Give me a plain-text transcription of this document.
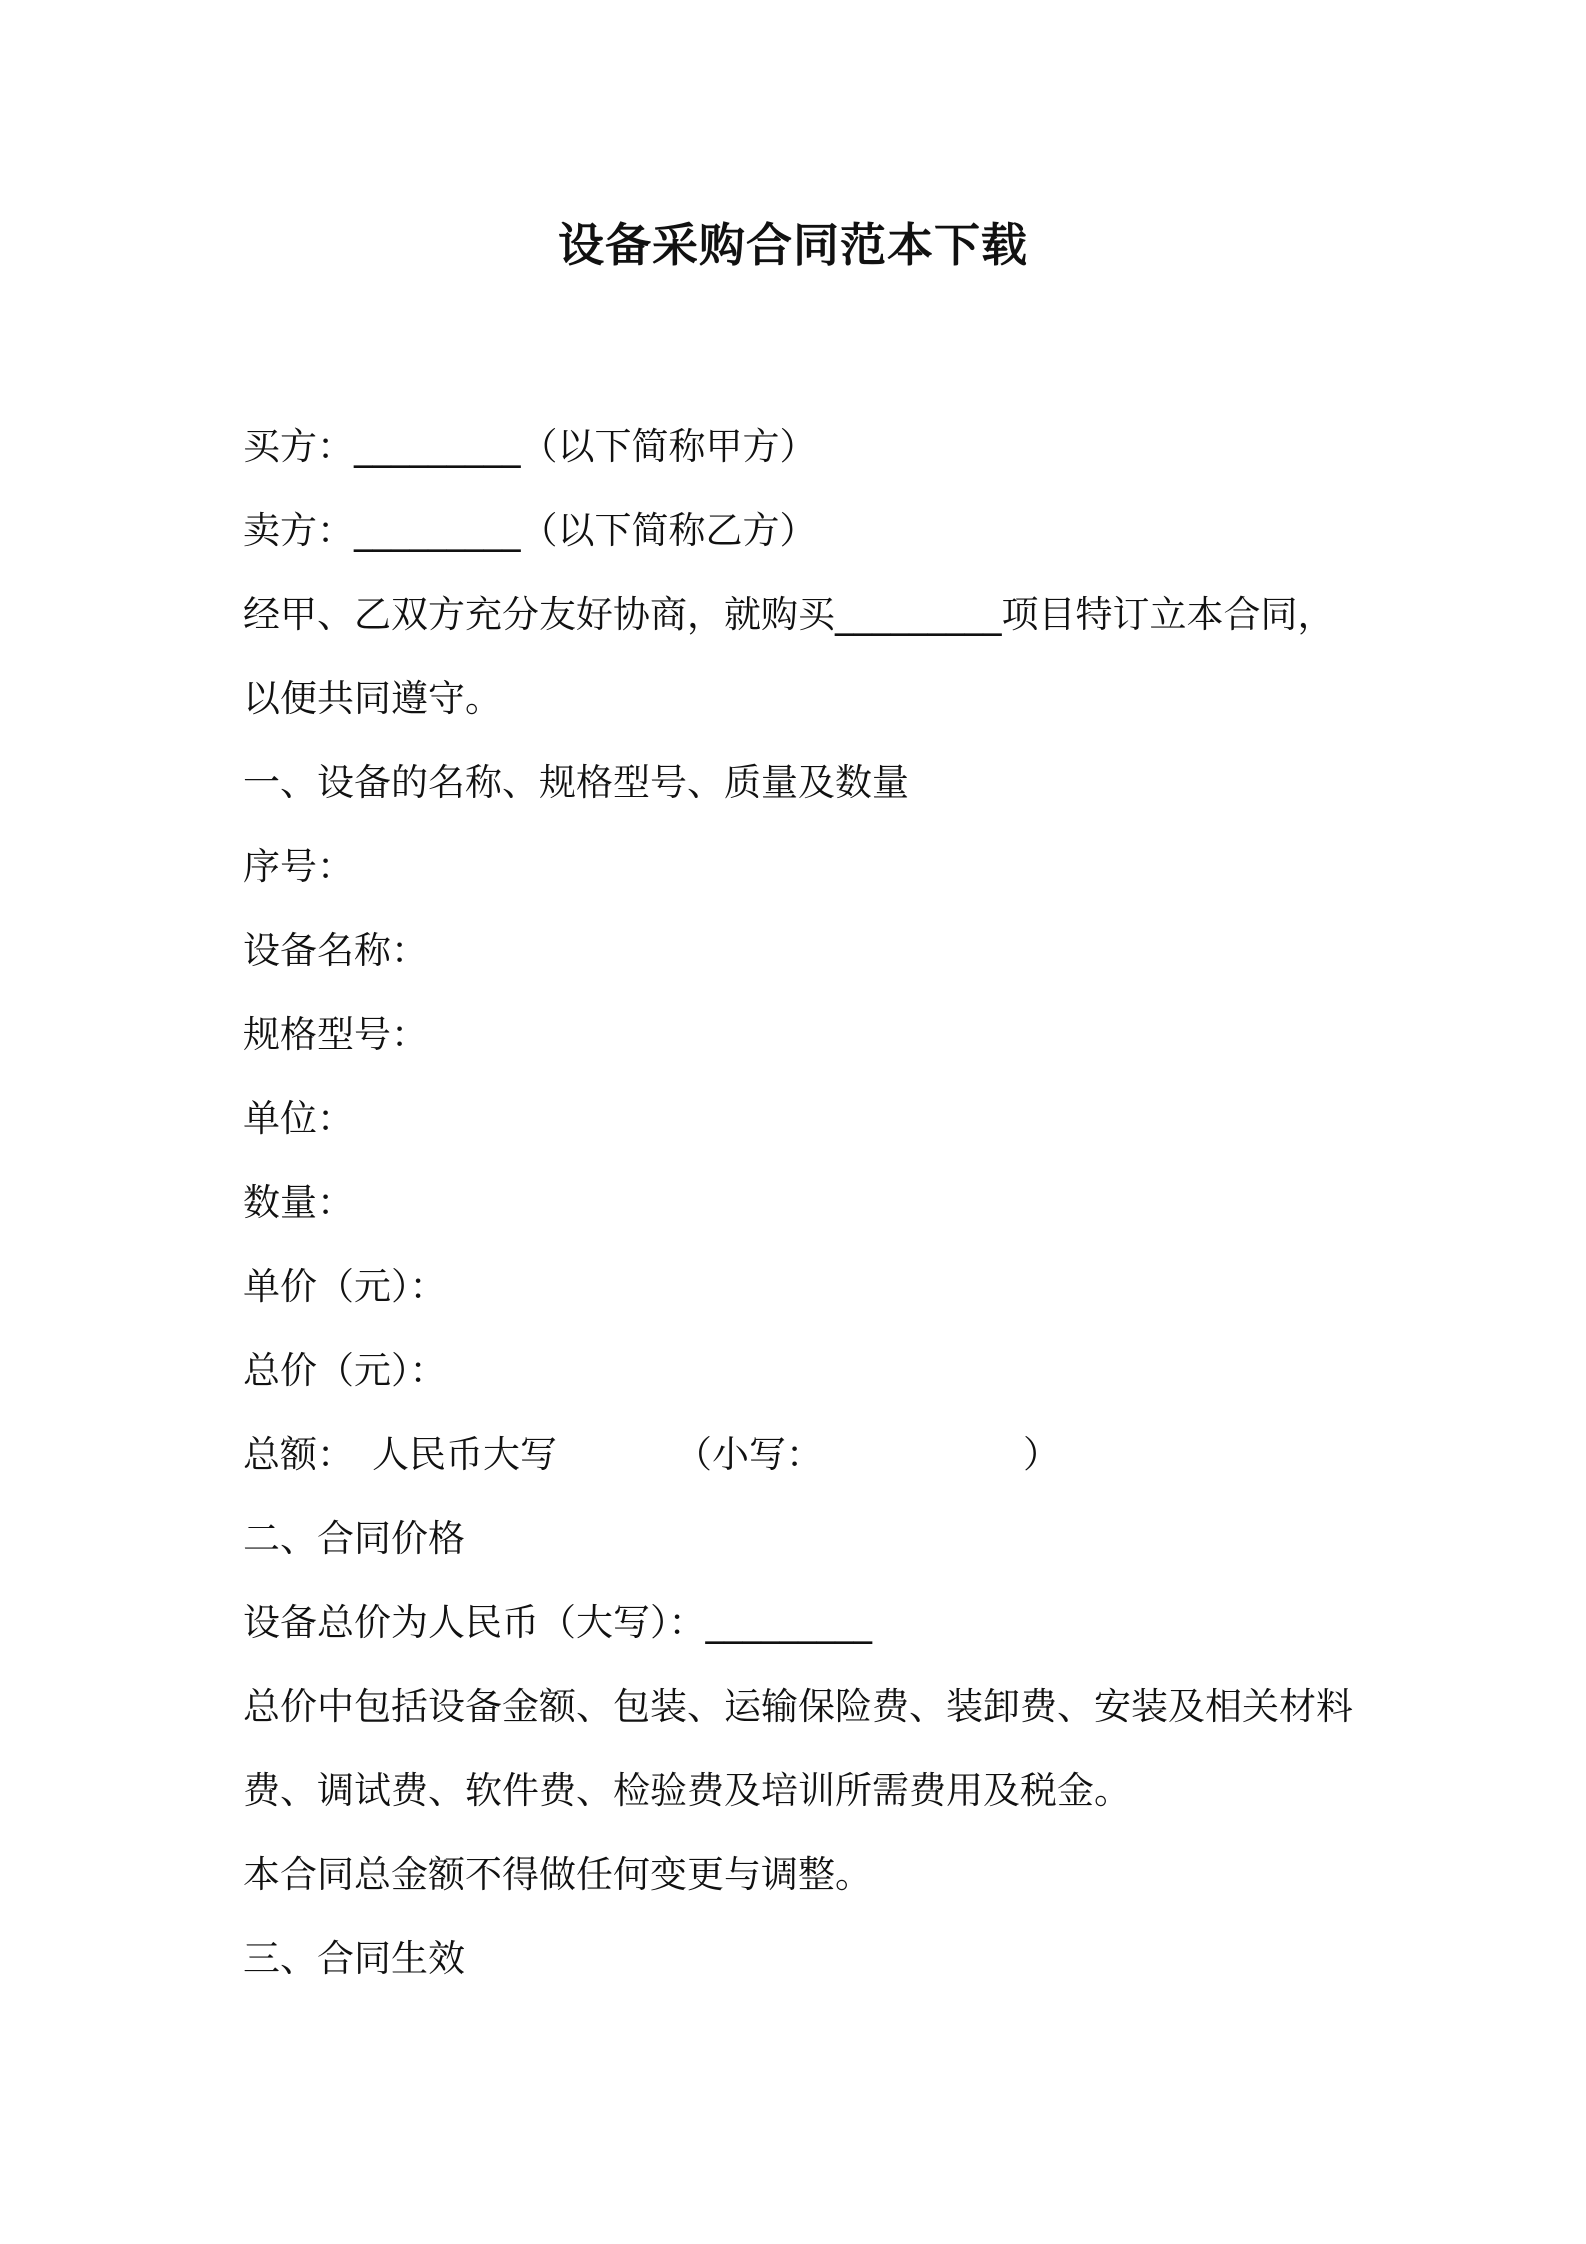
设备采购合同范本下载
买方：_________（以下简称甲方）
卖方：_________（以下简称乙方）
经甲、乙双方充分友好协商，就购买_________项目特订立本合同，
以便共同遵守。
一、设备的名称、规格型号、质量及数量
序号：
设备名称：
规格型号：
单位：
数量：
单价（元）：
总价（元）：
总额： 人民币大写	（小写：	）
二、合同价格
设备总价为人民币（大写）：_________
总价中包括设备金额、包装、运输保险费、装卸费、安装及相关材料
费、调试费、软件费、检验费及培训所需费用及税金。
本合同总金额不得做任何变更与调整。
三、合同生效
